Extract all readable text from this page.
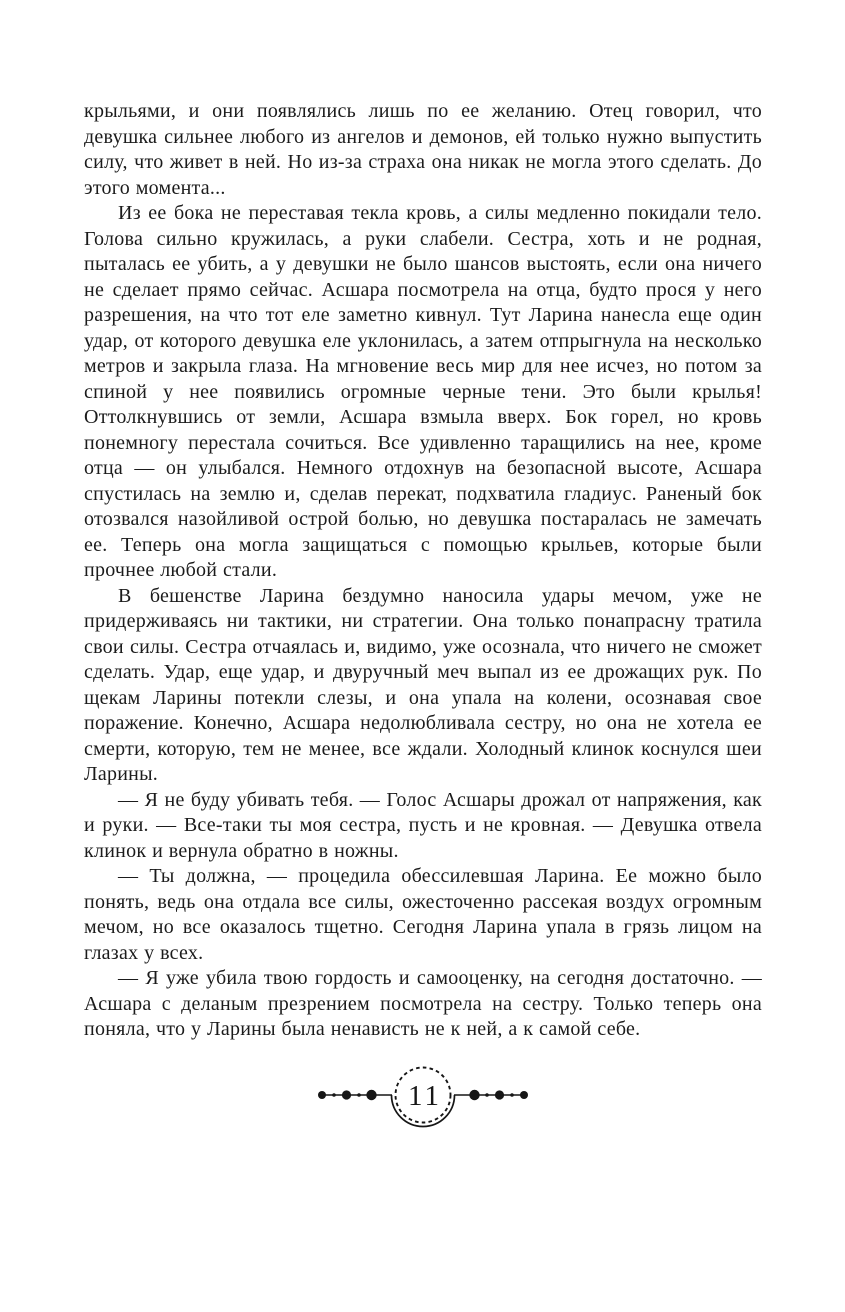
крыльями, и они появлялись лишь по ее желанию. Отец говорил, что девушка сильнее любого из ангелов и демонов, ей только нужно выпустить силу, что живет в ней. Но из-за страха она никак не могла этого сделать. До этого момента...

Из ее бока не переставая текла кровь, а силы медленно покидали тело. Голова сильно кружилась, а руки слабели. Сестра, хоть и не родная, пыталась ее убить, а у девушки не было шансов выстоять, если она ничего не сделает прямо сейчас. Асшара посмотрела на отца, будто прося у него разрешения, на что тот еле заметно кивнул. Тут Ларина нанесла еще один удар, от которого девушка еле уклонилась, а затем отпрыгнула на несколько метров и закрыла глаза. На мгновение весь мир для нее исчез, но потом за спиной у нее появились огромные черные тени. Это были крылья! Оттолкнувшись от земли, Асшара взмыла вверх. Бок горел, но кровь понемногу перестала сочиться. Все удивленно таращились на нее, кроме отца — он улыбался. Немного отдохнув на безопасной высоте, Асшара спустилась на землю и, сделав перекат, подхватила гладиус. Раненый бок отозвался назойливой острой болью, но девушка постаралась не замечать ее. Теперь она могла защищаться с помощью крыльев, которые были прочнее любой стали.

В бешенстве Ларина бездумно наносила удары мечом, уже не придерживаясь ни тактики, ни стратегии. Она только понапрасну тратила свои силы. Сестра отчаялась и, видимо, уже осознала, что ничего не сможет сделать. Удар, еще удар, и двуручный меч выпал из ее дрожащих рук. По щекам Ларины потекли слезы, и она упала на колени, осознавая свое поражение. Конечно, Асшара недолюбливала сестру, но она не хотела ее смерти, которую, тем не менее, все ждали. Холодный клинок коснулся шеи Ларины.

— Я не буду убивать тебя. — Голос Асшары дрожал от напряжения, как и руки. — Все-таки ты моя сестра, пусть и не кровная. — Девушка отвела клинок и вернула обратно в ножны.

— Ты должна, — процедила обессилевшая Ларина. Ее можно было понять, ведь она отдала все силы, ожесточенно рассекая воздух огромным мечом, но все оказалось тщетно. Сегодня Ларина упала в грязь лицом на глазах у всех.

— Я уже убила твою гордость и самооценку, на сегодня достаточно. — Асшара с деланым презрением посмотрела на сестру. Только теперь она поняла, что у Ларины была ненависть не к ней, а к самой себе.

11
